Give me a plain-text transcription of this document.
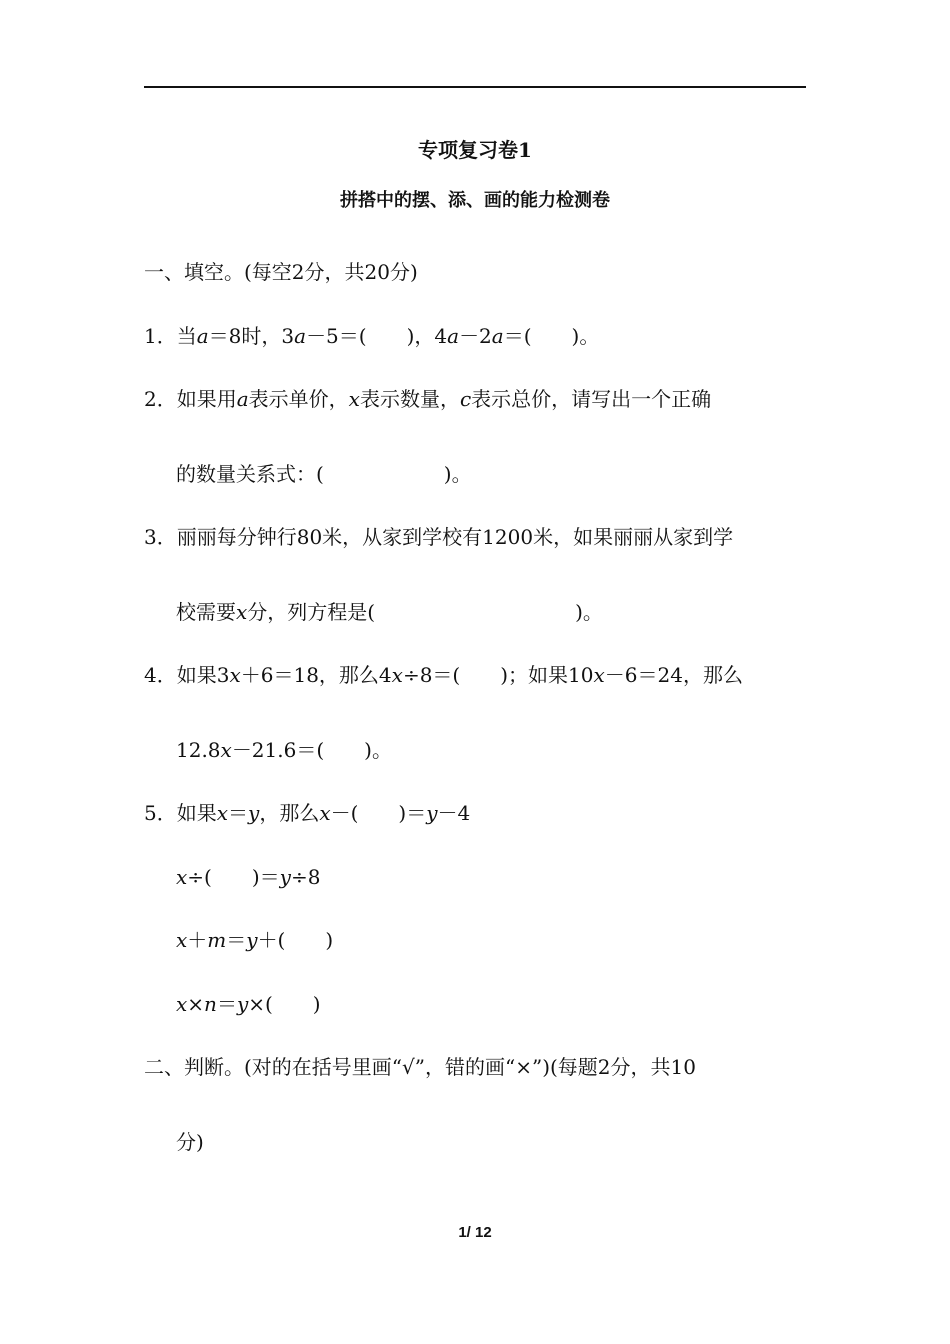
专项复习卷1
拼搭中的摆、添、画的能力检测卷
一、填空。(每空2分，共20分)
1．当a＝8时，3a－5＝(　　)，4a－2a＝(　　)。
2．如果用a表示单价，x表示数量，c表示总价，请写出一个正确
的数量关系式：(　　　　　　)。
3．丽丽每分钟行80米，从家到学校有1200米，如果丽丽从家到学
校需要x分，列方程是(　　　　　　　　　　)。
4．如果3x＋6＝18，那么4x÷8＝(　　)；如果10x－6＝24，那么
12.8x－21.6＝(　　)。
5．如果x＝y，那么x－(　　)＝y－4
x÷(　　)＝y÷8
x＋m＝y＋(　　)
x×n＝y×(　　)
二、判断。(对的在括号里画“√”，错的画“×”)(每题2分，共10
分)
1/ 12
